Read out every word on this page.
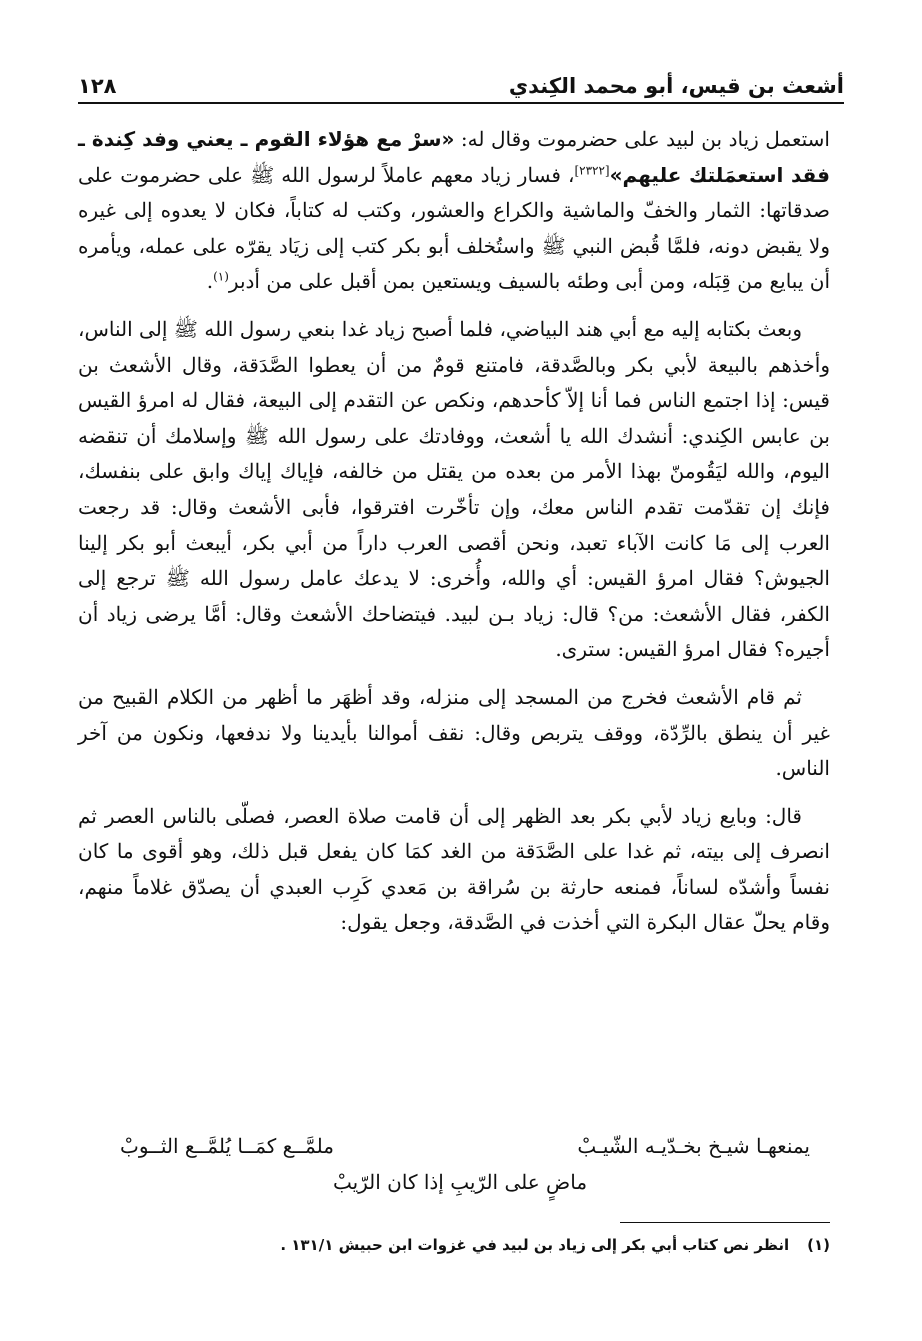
أشعث بن قيس، أبو محمد الكِندي
١٢٨

استعمل زياد بن لبيد على حضرموت وقال له: «سرْ مع هؤلاء القوم ـ يعني وفد كِندة ـ فقد استعمَلتك عليهم»[٢٣٢٢]، فسار زياد معهم عاملاً لرسول الله ﷺ على حضرموت على صدقاتها: الثمار والخفّ والماشية والكراع والعشور، وكتب له كتاباً، فكان لا يعدوه إلى غيره ولا يقبض دونه، فلمَّا قُبض النبي ﷺ واستُخلف أبو بكر كتب إلى زيَاد يقرّه على عمله، ويأمره أن يبايع من قِبَله، ومن أبى وطئه بالسيف ويستعين بمن أقبل على من أدبر$^{(١)}$.

وبعث بكتابه إليه مع أبي هند البياضي، فلما أصبح زياد غدا بنعي رسول الله ﷺ إلى الناس، وأخذهم بالبيعة لأبي بكر وبالصَّدقة، فامتنع قومٌ من أن يعطوا الصَّدَقة، وقال الأشعث بن قيس: إذا اجتمع الناس فما أنا إلاّ كأحدهم، ونكص عن التقدم إلى البيعة، فقال له امرؤ القيس بن عابس الكِندي: أنشدك الله يا أشعث، ووفادتك على رسول الله ﷺ وإسلامك أن تنقضه اليوم، والله ليَقُومنّ بهذا الأمر من بعده من يقتل من خالفه، فإياك إياك وابق على بنفسك، فإنك إن تقدّمت تقدم الناس معك، وإن تأخّرت افترقوا، فأبى الأشعث وقال: قد رجعت العرب إلى مَا كانت الآباء تعبد، ونحن أقصى العرب داراً من أبي بكر، أيبعث أبو بكر إلينا الجيوش؟ فقال امرؤ القيس: أي والله، وأُخرى: لا يدعك عامل رسول الله ﷺ ترجع إلى الكفر، فقال الأشعث: من؟ قال: زياد بـن لبيد. فيتضاحك الأشعث وقال: أمَّا يرضى زياد أن أجيره؟ فقال امرؤ القيس: سترى.

ثم قام الأشعث فخرج من المسجد إلى منزله، وقد أظهَر ما أظهر من الكلام القبيح من غير أن ينطق بالرِّدّة، ووقف يتربص وقال: نقف أموالنا بأيدينا ولا ندفعها، ونكون من آخر الناس.

قال: وبايع زياد لأبي بكر بعد الظهر إلى أن قامت صلاة العصر، فصلّى بالناس العصر ثم انصرف إلى بيته، ثم غدا على الصَّدَقة من الغد كمَا كان يفعل قبل ذلك، وهو أقوى ما كان نفساً وأشدّه لساناً، فمنعه حارثة بن سُراقة بن مَعدي كَرِب العبدي أن يصدّق غلاماً منهم، وقام يحلّ عقال البكرة التي أخذت في الصَّدقة، وجعل يقول:

يمنعهـا شيـخ بخـدّيـه الشّيـبْ
ملمَّــع كمَــا يُلمَّــع الثــوبْ
ماضٍ على الرّيبِ إذا كان الرّيبْ
(١)انظر نص كتاب أبي بكر إلى زياد بن لبيد في غزوات ابن حبيش ١٣١/١ .
